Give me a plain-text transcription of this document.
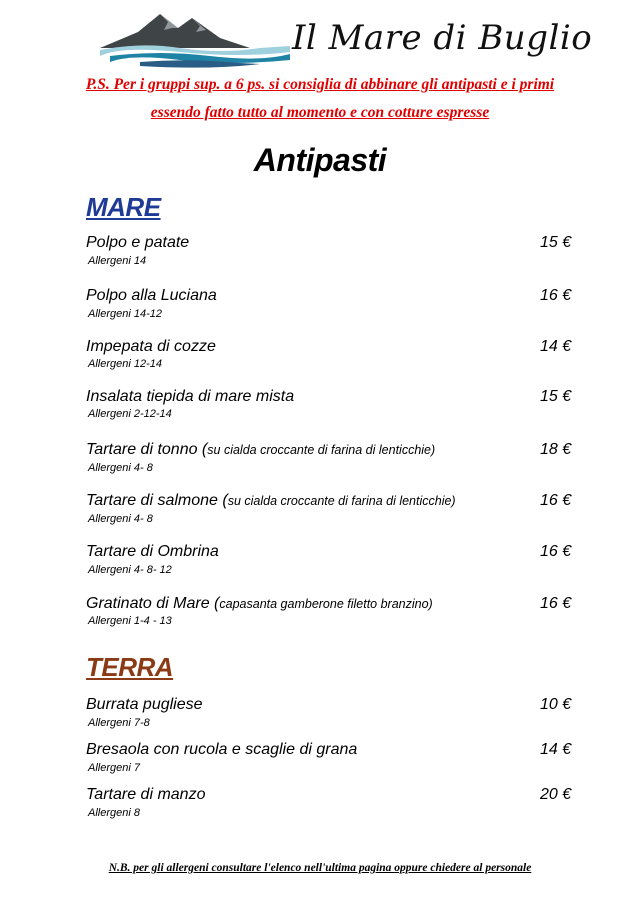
Il Mare di Buglio
P.S. Per i gruppi sup. a 6 ps. si consiglia di abbinare gli antipasti e i primi
essendo fatto tutto al momento e con cotture espresse
Antipasti
MARE
Polpo e patate	15 €
Allergeni 14
Polpo alla Luciana	16 €
Allergeni 14-12
Impepata di cozze	14 €
Allergeni 12-14
Insalata tiepida di mare mista	15 €
Allergeni 2-12-14
Tartare di tonno (su cialda croccante di farina di lenticchie)	18 €
Allergeni 4- 8
Tartare di salmone (su cialda croccante di farina di lenticchie)	16 €
Allergeni 4- 8
Tartare di Ombrina	16 €
Allergeni 4- 8- 12
Gratinato di Mare (capasanta gamberone filetto branzino)	16 €
Allergeni 1-4 - 13
TERRA
Burrata pugliese	10 €
Allergeni 7-8
Bresaola con rucola e scaglie di grana	14 €
Allergeni 7
Tartare di manzo	20 €
Allergeni 8
N.B. per gli allergeni consultare l'elenco nell'ultima pagina oppure chiedere al personale
